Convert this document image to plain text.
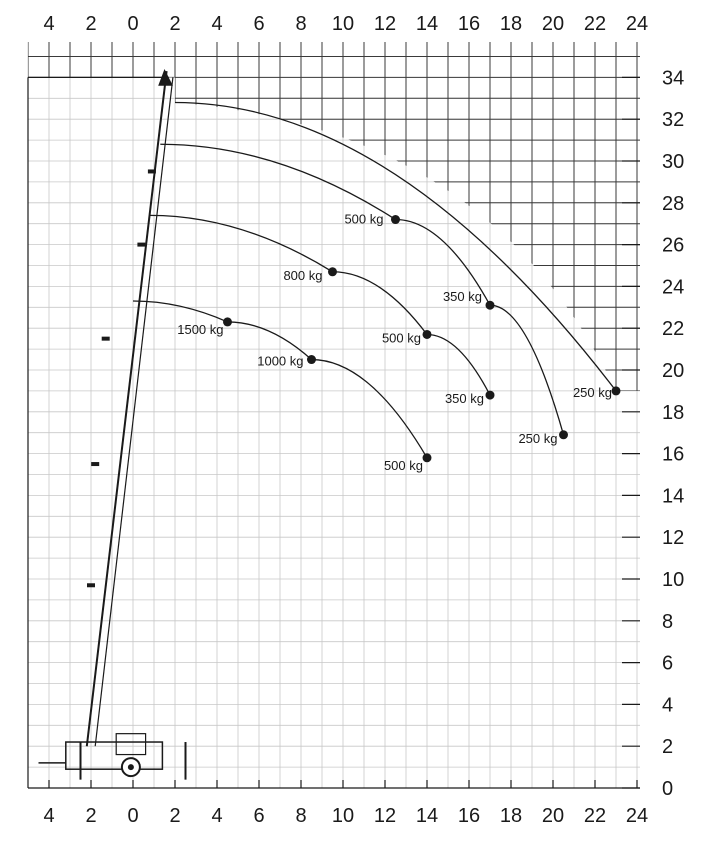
1500 kg
1000 kg
500 kg
800 kg
500 kg
350 kg
500 kg
350 kg
250 kg
250 kg
4
4
2
2
0
0
2
2
4
4
6
6
8
8
10
10
12
12
14
14
16
16
18
18
20
20
22
22
24
24
0
2
4
6
8
10
12
14
16
18
20
22
24
26
28
30
32
34
